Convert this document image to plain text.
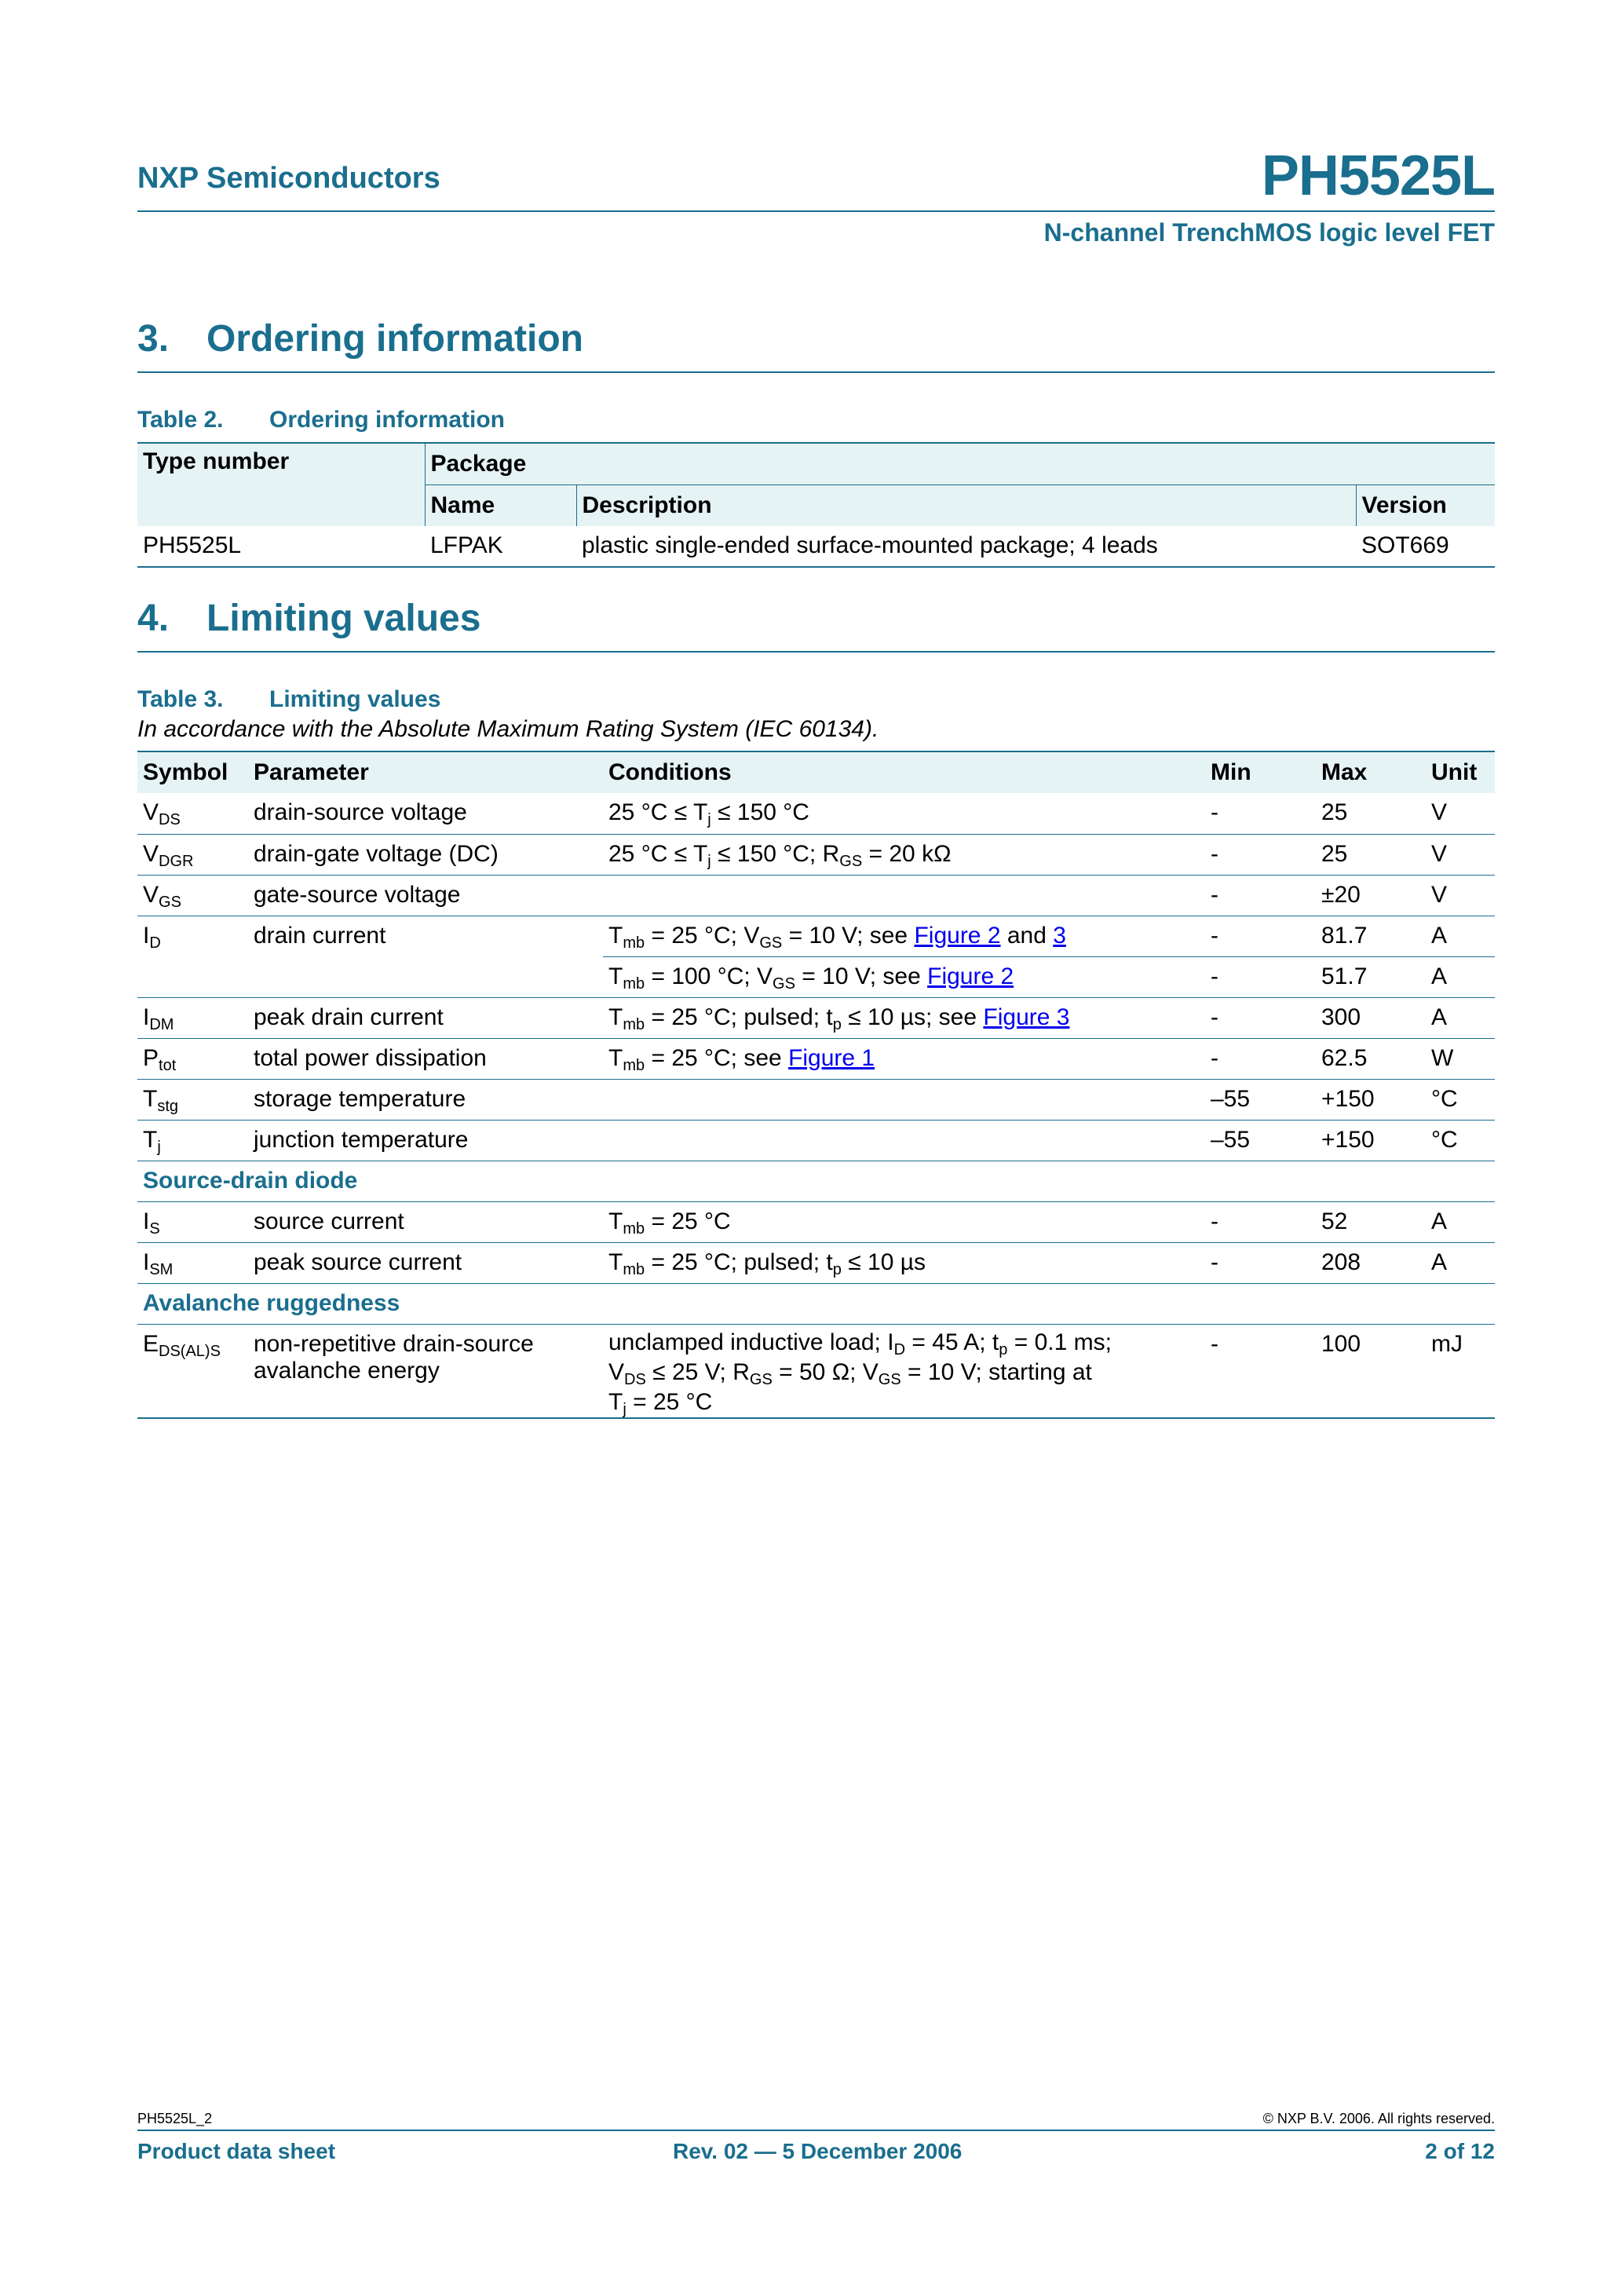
NXP Semiconductors	PH5525L
N-channel TrenchMOS logic level FET
3. Ordering information
Table 2. Ordering information
Type number	Package		
	Name	Description	Version
PH5525L	LFPAK	plastic single-ended surface-mounted package; 4 leads	SOT669
4. Limiting values
Table 3. Limiting values
In accordance with the Absolute Maximum Rating System (IEC 60134).
Symbol	Parameter	Conditions	Min	Max	Unit
$V_{DS}$	drain-source voltage	25 $^\circ C \le T_j \le 150$ °C	-	25	V
$V_{DGR}$	drain-gate voltage (DC)	25 $^\circ C \le T_j \le 150$ °C; $R_{GS} = 20$ kΩ	-	25	V
$V_{GS}$	gate-source voltage		-	±20	V
$I_D$	drain current	$T_{mb} = 25$ °C; $V_{GS} = 10$ V; see Figure 2 and 3	-	81.7	A
		$T_{mb} = 100$ °C; $V_{GS} = 10$ V; see Figure 2	-	51.7	A
$I_{DM}$	peak drain current	$T_{mb} = 25$ °C; pulsed; $t_p \le 10$ µs; see Figure 3	-	300	A
$P_{tot}$	total power dissipation	$T_{mb} = 25$ °C; see Figure 1	-	62.5	W
$T_{stg}$	storage temperature		–55	+150	°C
$T_j$	junction temperature		–55	+150	°C
Source-drain diode					
$I_S$	source current	$T_{mb} = 25$ °C	-	52	A
$I_{SM}$	peak source current	$T_{mb} = 25$ °C; pulsed; $t_p \le 10$ µs	-	208	A
Avalanche ruggedness					
$E_{DS(AL)S}$	non-repetitive drain-source avalanche energy	unclamped inductive load; $I_D = 45$ A; $t_p = 0.1$ ms;
$V_{DS} \le 25$ V; $R_{GS} = 50$ Ω; $V_{GS} = 10$ V; starting at
$T_j = 25$ °C	-	100	mJ
PH5525L_2	© NXP B.V. 2006. All rights reserved.
Product data sheet	Rev. 02 — 5 December 2006	2 of 12
